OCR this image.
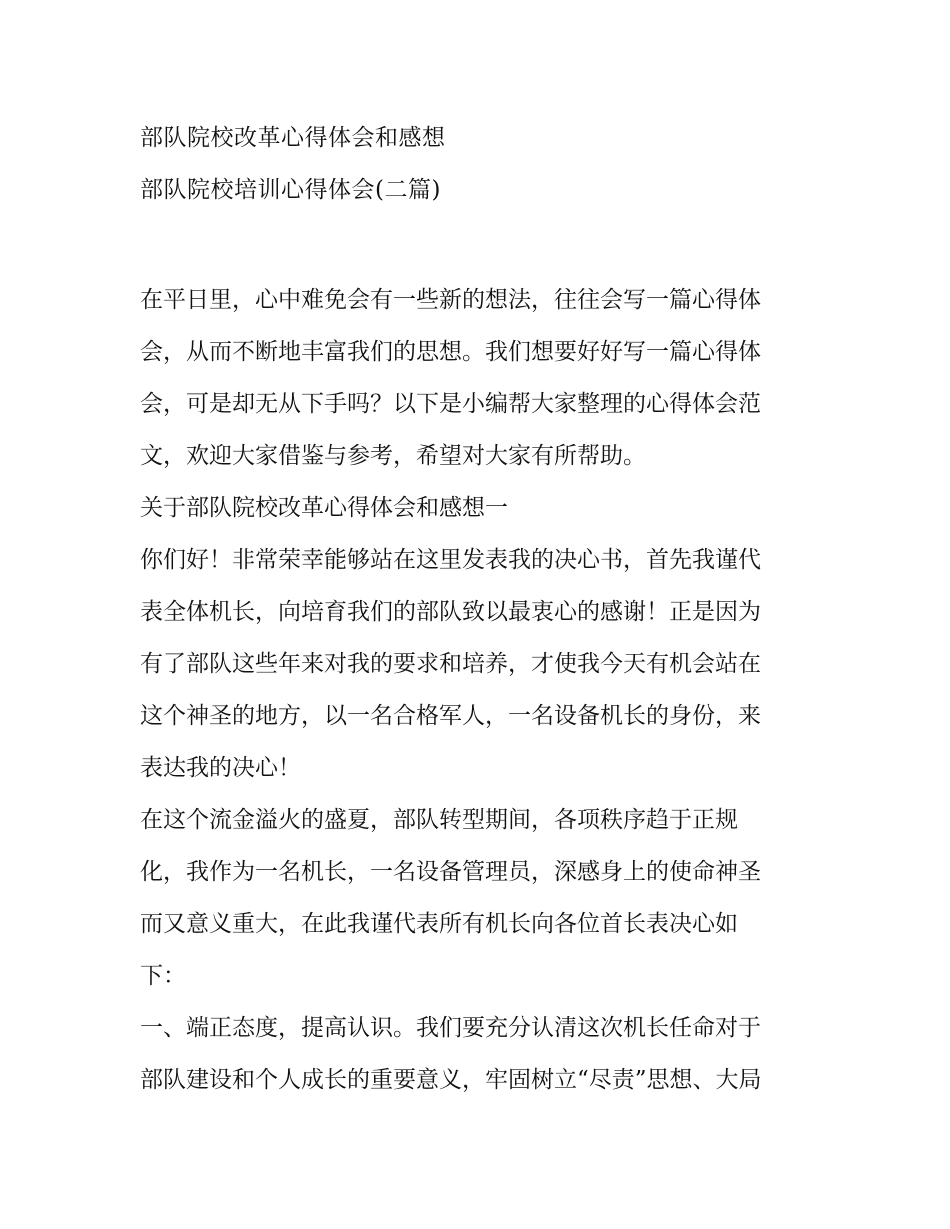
部队院校改革心得体会和感想
部队院校培训心得体会(二篇)
在平日里，心中难免会有一些新的想法，往往会写一篇心得体
会，从而不断地丰富我们的思想。我们想要好好写一篇心得体
会，可是却无从下手吗？以下是小编帮大家整理的心得体会范
文，欢迎大家借鉴与参考，希望对大家有所帮助。
关于部队院校改革心得体会和感想一
你们好！非常荣幸能够站在这里发表我的决心书，首先我谨代
表全体机长，向培育我们的部队致以最衷心的感谢！正是因为
有了部队这些年来对我的要求和培养，才使我今天有机会站在
这个神圣的地方，以一名合格军人，一名设备机长的身份，来
表达我的决心！
在这个流金溢火的盛夏，部队转型期间，各项秩序趋于正规
化，我作为一名机长，一名设备管理员，深感身上的使命神圣
而又意义重大，在此我谨代表所有机长向各位首长表决心如
下：
一、端正态度，提高认识。我们要充分认清这次机长任命对于
部队建设和个人成长的重要意义，牢固树立“尽责”思想、大局
